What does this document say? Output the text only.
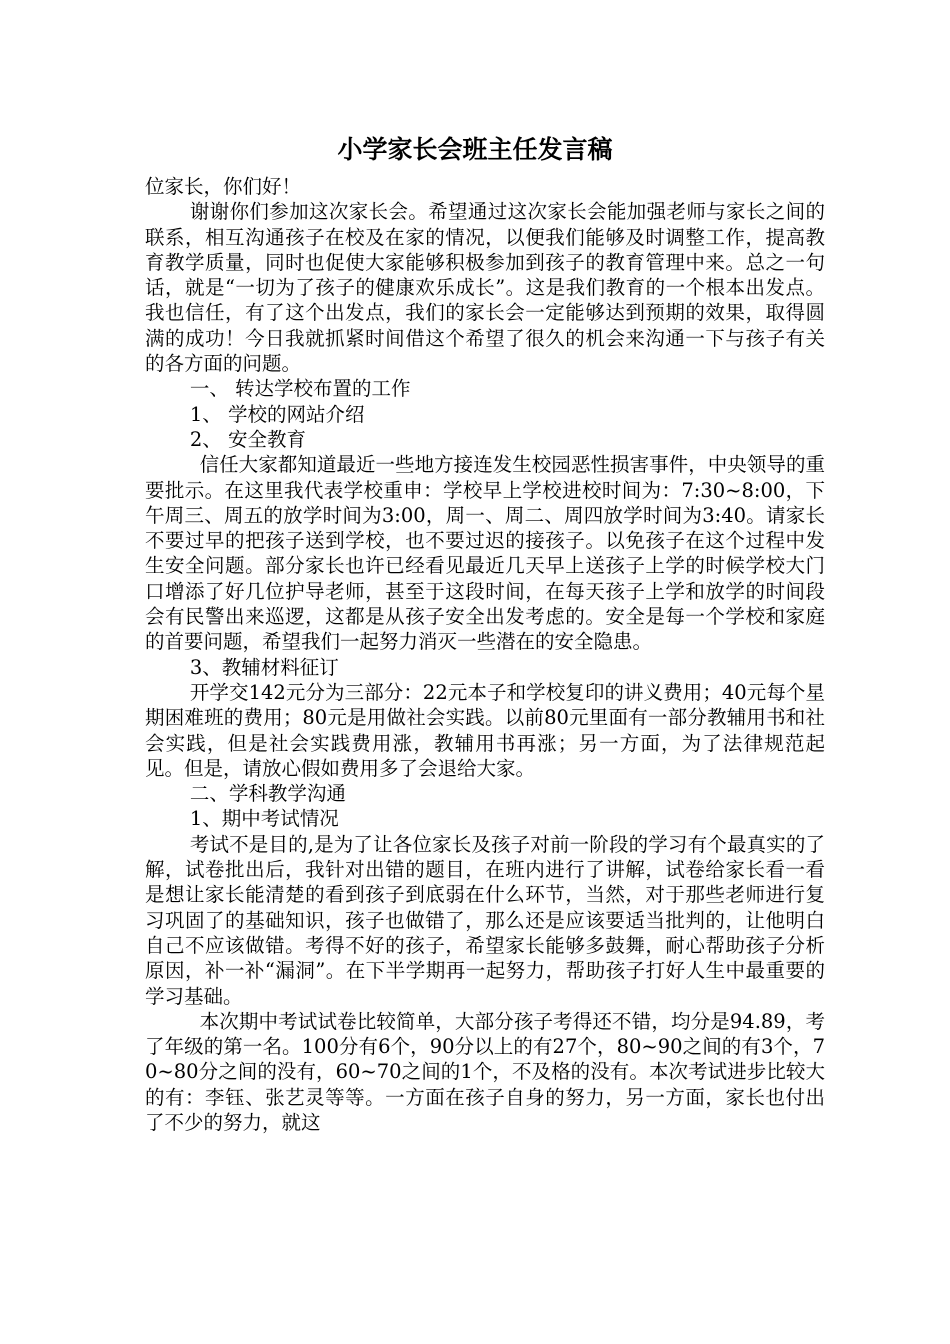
小学家长会班主任发言稿

位家长，你们好！

谢谢你们参加这次家长会。希望通过这次家长会能加强老师与家长之间的联系，相互沟通孩子在校及在家的情况，以便我们能够及时调整工作，提高教育教学质量，同时也促使大家能够积极参加到孩子的教育管理中来。总之一句话，就是“一切为了孩子的健康欢乐成长”。这是我们教育的一个根本出发点。我也信任，有了这个出发点，我们的家长会一定能够达到预期的效果，取得圆满的成功！今日我就抓紧时间借这个希望了很久的机会来沟通一下与孩子有关的各方面的问题。

一、 转达学校布置的工作

1、 学校的网站介绍

2、 安全教育

信任大家都知道最近一些地方接连发生校园恶性损害事件，中央领导的重要批示。在这里我代表学校重申：学校早上学校进校时间为：7:30~8:00，下午周三、周五的放学时间为3:00，周一、周二、周四放学时间为3:40。请家长不要过早的把孩子送到学校，也不要过迟的接孩子。以免孩子在这个过程中发生安全问题。部分家长也许已经看见最近几天早上送孩子上学的时候学校大门口增添了好几位护导老师，甚至于这段时间，在每天孩子上学和放学的时间段会有民警出来巡逻，这都是从孩子安全出发考虑的。安全是每一个学校和家庭的首要问题，希望我们一起努力消灭一些潜在的安全隐患。

3、教辅材料征订

开学交142元分为三部分：22元本子和学校复印的讲义费用；40元每个星期困难班的费用；80元是用做社会实践。以前80元里面有一部分教辅用书和社会实践，但是社会实践费用涨，教辅用书再涨；另一方面，为了法律规范起见。但是，请放心假如费用多了会退给大家。

二、学科教学沟通

1、期中考试情况

考试不是目的,是为了让各位家长及孩子对前一阶段的学习有个最真实的了解，试卷批出后，我针对出错的题目，在班内进行了讲解，试卷给家长看一看是想让家长能清楚的看到孩子到底弱在什么环节，当然，对于那些老师进行复习巩固了的基础知识，孩子也做错了，那么还是应该要适当批判的，让他明白自己不应该做错。考得不好的孩子，希望家长能够多鼓舞，耐心帮助孩子分析原因，补一补“漏洞”。在下半学期再一起努力，帮助孩子打好人生中最重要的学习基础。

本次期中考试试卷比较简单，大部分孩子考得还不错，均分是94.89，考了年级的第一名。100分有6个，90分以上的有27个，80~90之间的有3个，70~80分之间的没有，60~70之间的1个，不及格的没有。本次考试进步比较大的有：李钰、张艺灵等等。一方面在孩子自身的努力，另一方面，家长也付出了不少的努力，就这
